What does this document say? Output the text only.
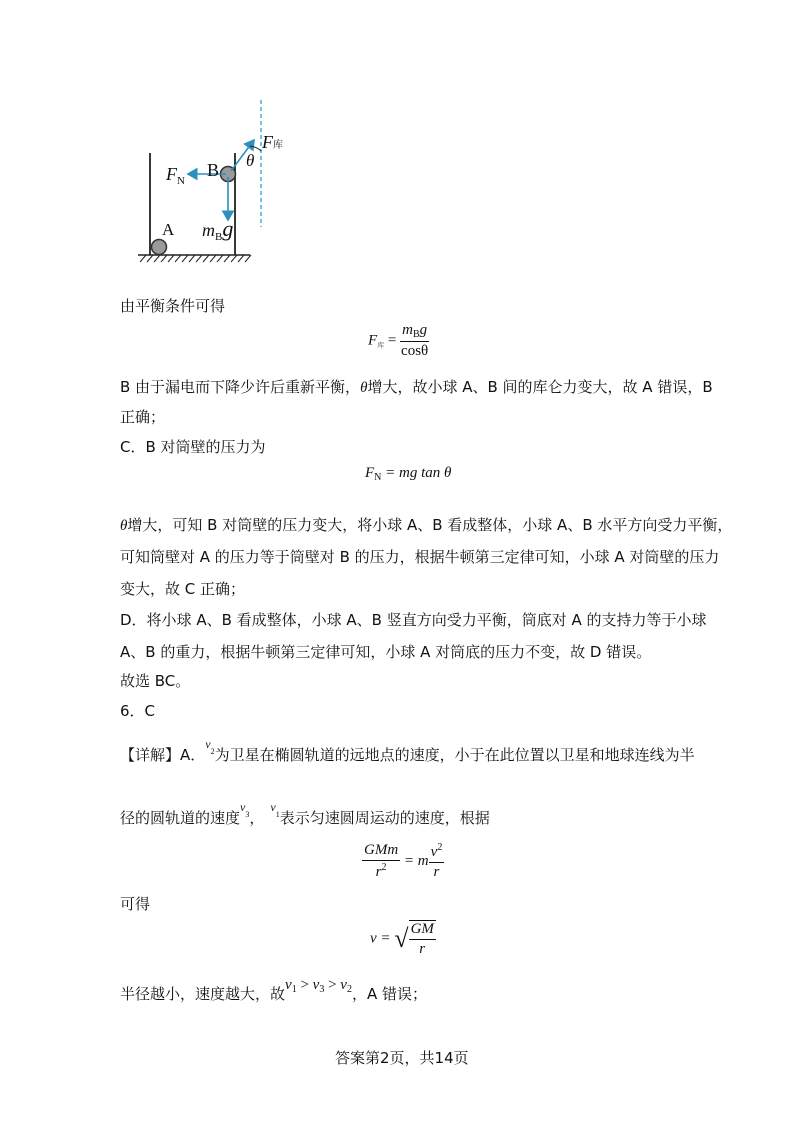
F库
θ
$F_N$
B
A $m_Bg$
由平衡条件可得
$F_库 = \frac{m_Bg}{\cos\theta}$
B 由于漏电而下降少许后重新平衡，θ增大，故小球 A、B 间的库仑力变大，故 A 错误，B
正确；
C．B 对筒壁的压力为
$F_N$ = mg tan θ
θ增大，可知 B 对筒壁的压力变大，将小球 A、B 看成整体，小球 A、B 水平方向受力平衡，
可知筒壁对 A 的压力等于筒壁对 B 的压力，根据牛顿第三定律可知，小球 A 对筒壁的压力
变大，故 C 正确；
D．将小球 A、B 看成整体，小球 A、B 竖直方向受力平衡，筒底对 A 的支持力等于小球
A、B 的重力，根据牛顿第三定律可知，小球 A 对筒底的压力不变，故 D 错误。
故选 BC。
6．C
【详解】A．$^{v2}$为卫星在椭圆轨道的远地点的速度，小于在此位置以卫星和地球连线为半
径的圆轨道的速度$^{v3}$，$^{v1}$表示匀速圆周运动的速度，根据
$\frac{\text{GMm}}{r^2} = m \frac{v^2}{r}$
可得
v = √ $\frac{GM}{r}$
半径越小，速度越大，故$v_1 > v_3 > v_2$，A 错误；
答案第2页，共14页
